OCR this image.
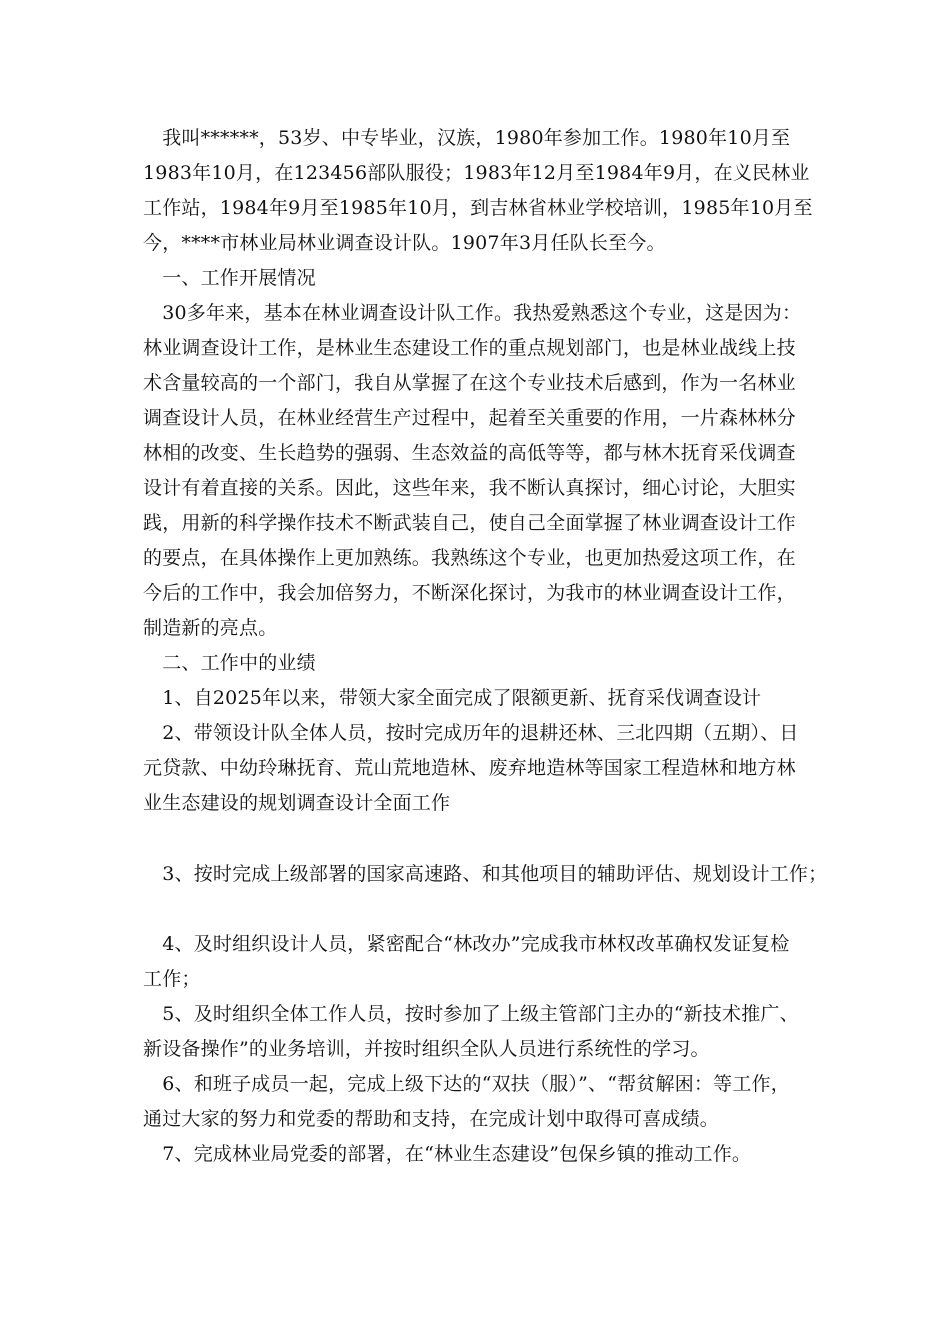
　我叫******，53岁、中专毕业，汉族，1980年参加工作。1980年10月至
1983年10月，在123456部队服役；1983年12月至1984年9月，在义民林业
工作站，1984年9月至1985年10月，到吉林省林业学校培训，1985年10月至
今，****市林业局林业调查设计队。1907年3月任队长至今。
　一、工作开展情况
　30多年来，基本在林业调查设计队工作。我热爱熟悉这个专业，这是因为：
林业调查设计工作，是林业生态建设工作的重点规划部门，也是林业战线上技
术含量较高的一个部门，我自从掌握了在这个专业技术后感到，作为一名林业
调查设计人员，在林业经营生产过程中，起着至关重要的作用，一片森林林分
林相的改变、生长趋势的强弱、生态效益的高低等等，都与林木抚育采伐调查
设计有着直接的关系。因此，这些年来，我不断认真探讨，细心讨论，大胆实
践，用新的科学操作技术不断武装自己，使自己全面掌握了林业调查设计工作
的要点，在具体操作上更加熟练。我熟练这个专业，也更加热爱这项工作，在
今后的工作中，我会加倍努力，不断深化探讨，为我市的林业调查设计工作，
制造新的亮点。
　二、工作中的业绩
　1、自2025年以来，带领大家全面完成了限额更新、抚育采伐调查设计
　2、带领设计队全体人员，按时完成历年的退耕还林、三北四期（五期）、日
元贷款、中幼玲琳抚育、荒山荒地造林、废弃地造林等国家工程造林和地方林
业生态建设的规划调查设计全面工作
　3、按时完成上级部署的国家高速路、和其他项目的辅助评估、规划设计工作；
　4、及时组织设计人员，紧密配合“林改办”完成我市林权改革确权发证复检
工作；
　5、及时组织全体工作人员，按时参加了上级主管部门主办的“新技术推广、
新设备操作”的业务培训，并按时组织全队人员进行系统性的学习。
　6、和班子成员一起，完成上级下达的“双扶（服）”、“帮贫解困：等工作，
通过大家的努力和党委的帮助和支持，在完成计划中取得可喜成绩。
　7、完成林业局党委的部署，在“林业生态建设”包保乡镇的推动工作。
